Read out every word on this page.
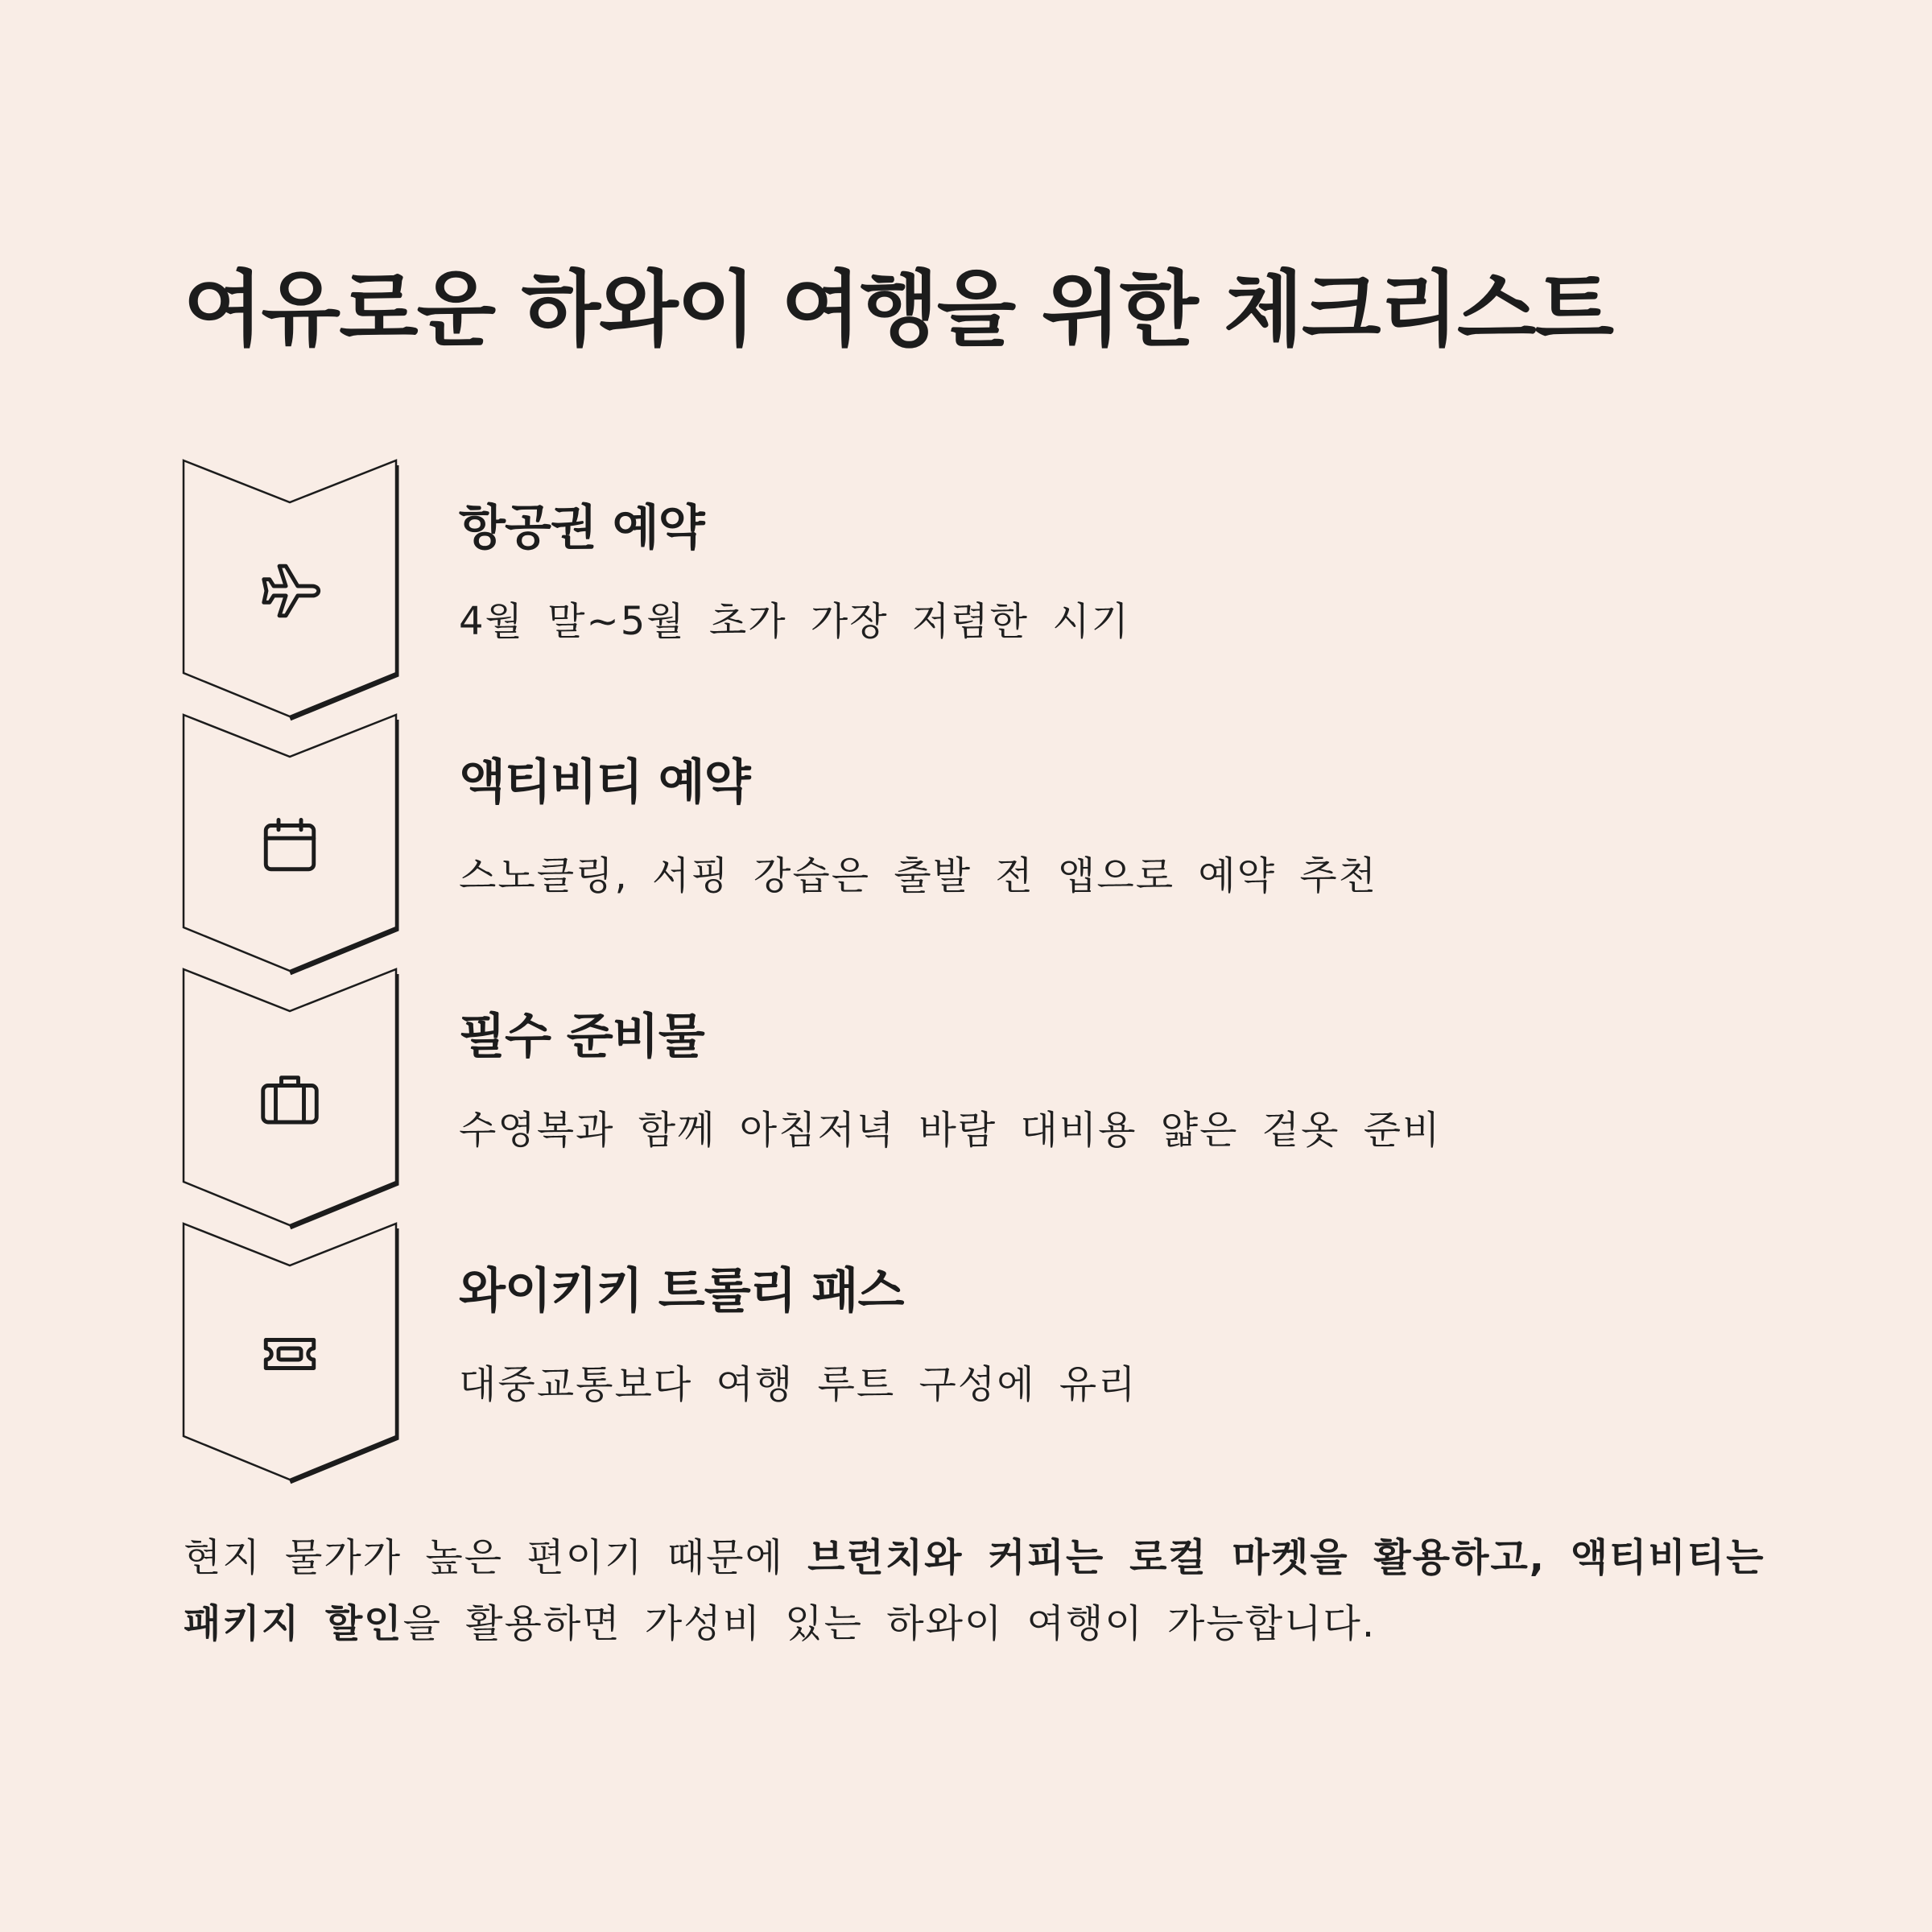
여유로운 하와이 여행을 위한 체크리스트
항공권 예약

4월 말~5월 초가 가장 저렴한 시기

액티비티 예약

스노클링, 서핑 강습은 출발 전 앱으로 예약 추천

필수 준비물

수영복과 함께 아침저녁 바람 대비용 얇은 겉옷 준비

와이키키 트롤리 패스

대중교통보다 여행 루트 구성에 유리

현지 물가가 높은 편이기 때문에 브런치와 커피는 로컬 마켓을 활용하고, 액티비티는 패키지 할인을 활용하면 가성비 있는 하와이 여행이 가능합니다.
